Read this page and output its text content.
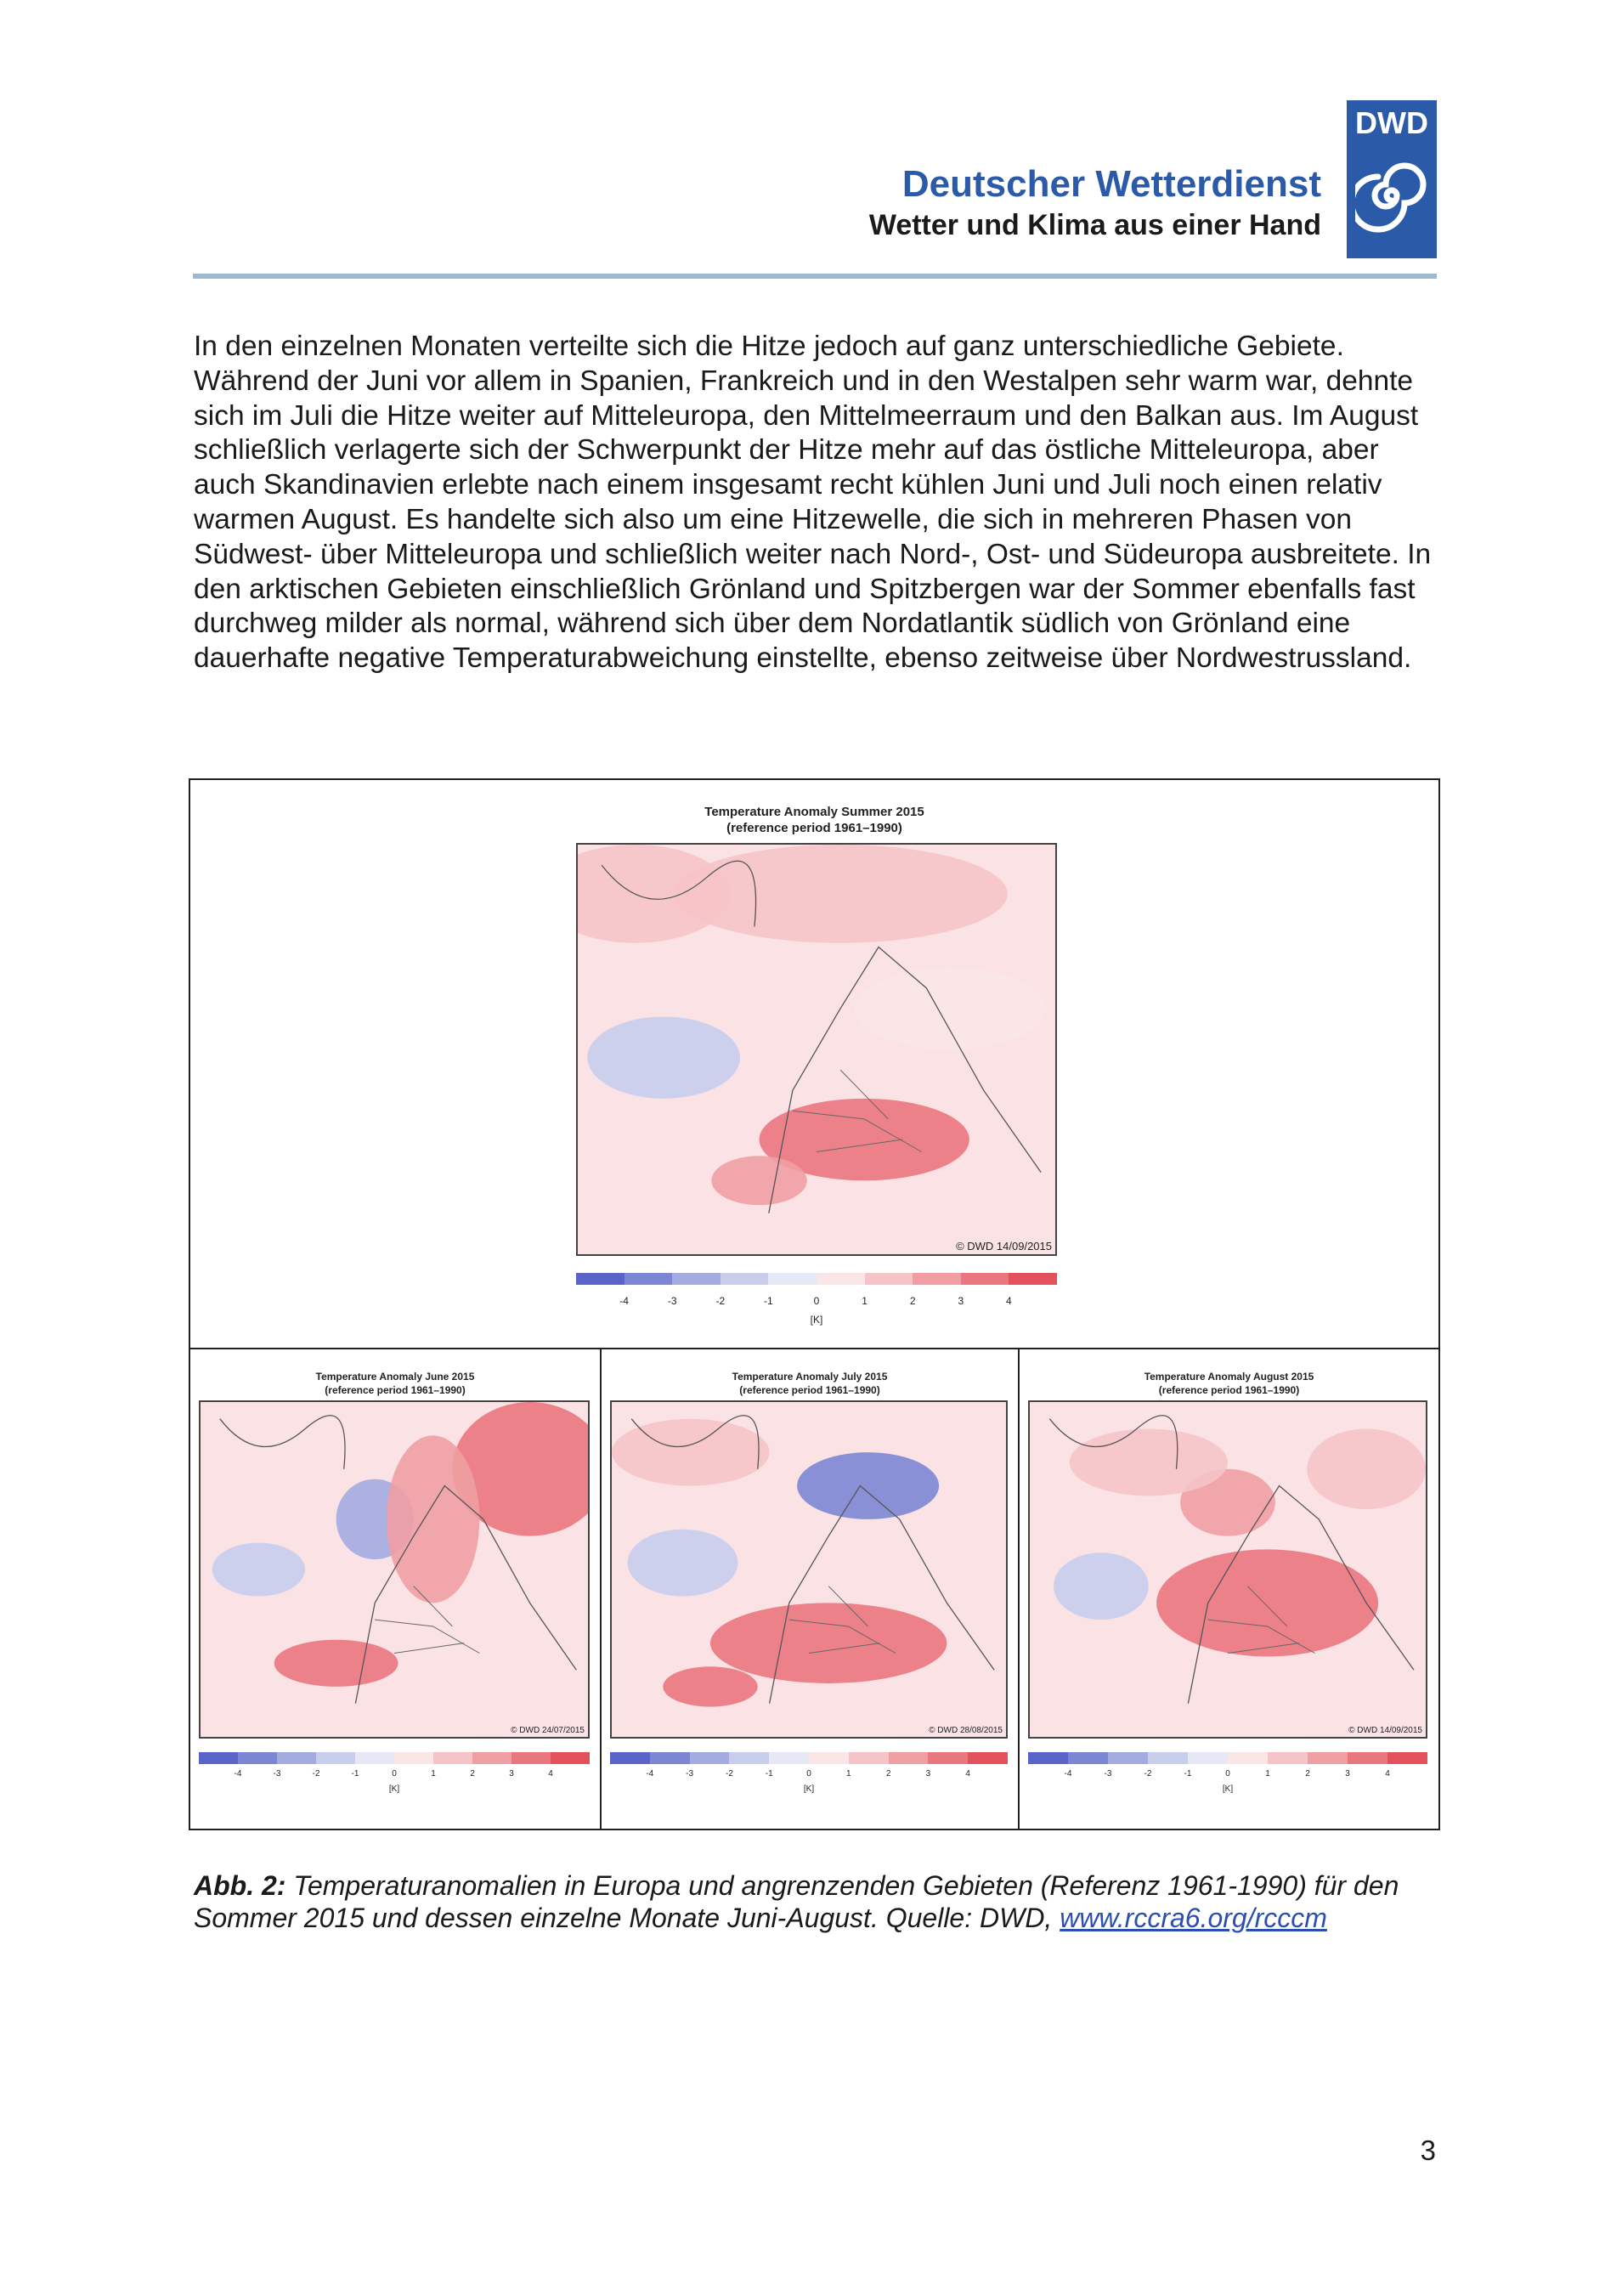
Deutscher Wetterdienst
Wetter und Klima aus einer Hand
DWD

In den einzelnen Monaten verteilte sich die Hitze jedoch auf ganz unterschiedliche Gebiete. Während der Juni vor allem in Spanien, Frankreich und in den Westalpen sehr warm war, dehnte sich im Juli die Hitze weiter auf Mitteleuropa, den Mittelmeerraum und den Balkan aus. Im August schließlich verlagerte sich der Schwerpunkt der Hitze mehr auf das östliche Mitteleuropa, aber auch Skandinavien erlebte nach einem insgesamt recht kühlen Juni und Juli noch einen relativ warmen August. Es handelte sich also um eine Hitzewelle, die sich in mehreren Phasen von Südwest- über Mitteleuropa und schließlich weiter nach Nord-, Ost- und Südeuropa ausbreitete. In den arktischen Gebieten einschließlich Grönland und Spitzbergen war der Sommer ebenfalls fast durchweg milder als normal, während sich über dem Nordatlantik südlich von Grönland eine dauerhafte negative Temperaturabweichung einstellte, ebenso zeitweise über Nordwestrussland.

Temperature Anomaly Summer 2015
(reference period 1961–1990)
© DWD 14/09/2015
-4	-3	-2	-1	0	1	2	3	4
[K]
Temperature Anomaly June 2015
(reference period 1961–1990)
© DWD 24/07/2015
-4	-3	-2	-1	0	1	2	3	4
[K]
Temperature Anomaly July 2015
(reference period 1961–1990)
© DWD 28/08/2015
-4	-3	-2	-1	0	1	2	3	4
[K]
Temperature Anomaly August 2015
(reference period 1961–1990)
© DWD 14/09/2015
-4	-3	-2	-1	0	1	2	3	4
[K]

Abb. 2: Temperaturanomalien in Europa und angrenzenden Gebieten (Referenz 1961-1990) für den Sommer 2015 und dessen einzelne Monate Juni-August. Quelle: DWD, www.rccra6.org/rcccm

3
